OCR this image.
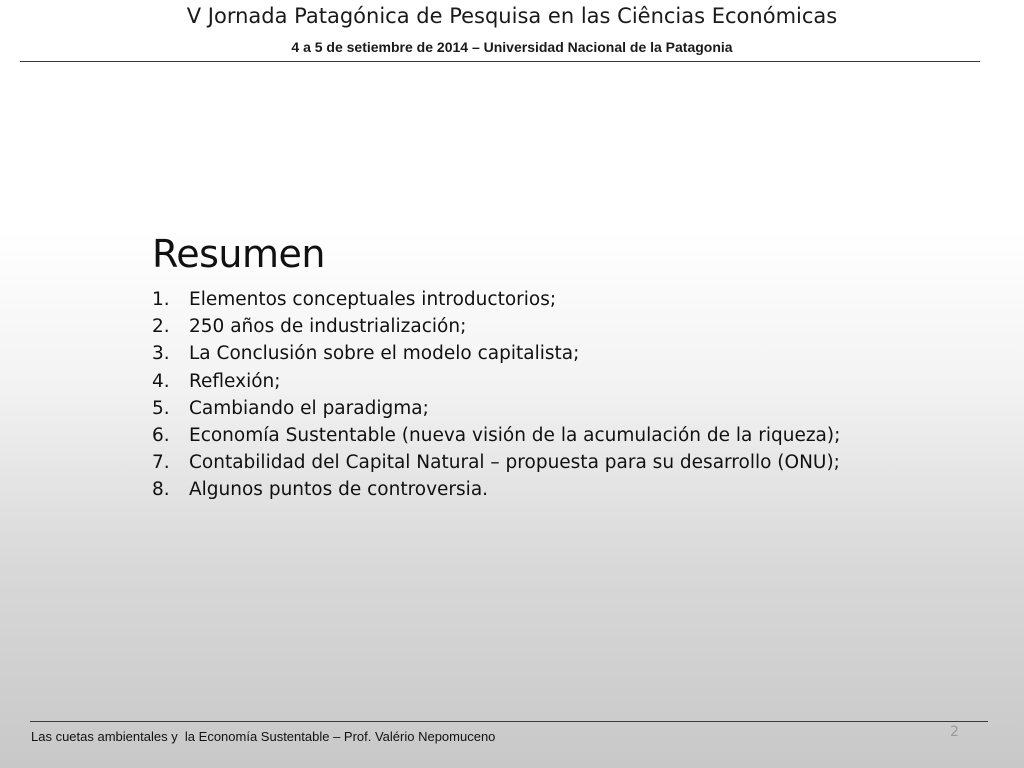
V Jornada Patagónica de Pesquisa en las Ciências Económicas
4 a 5 de setiembre de 2014 – Universidad Nacional de la Patagonia
Resumen
1.	Elementos conceptuales introductorios;
2.	250 años de industrialización;
3.	La Conclusión sobre el modelo capitalista;
4.	Reflexión;
5.	Cambiando el paradigma;
6.	Economía Sustentable (nueva visión de la acumulación de la riqueza);
7.	Contabilidad del Capital Natural – propuesta para su desarrollo (ONU);
8.	Algunos puntos de controversia.
Las cuetas ambientales y  la Economía Sustentable – Prof. Valério Nepomuceno	2
